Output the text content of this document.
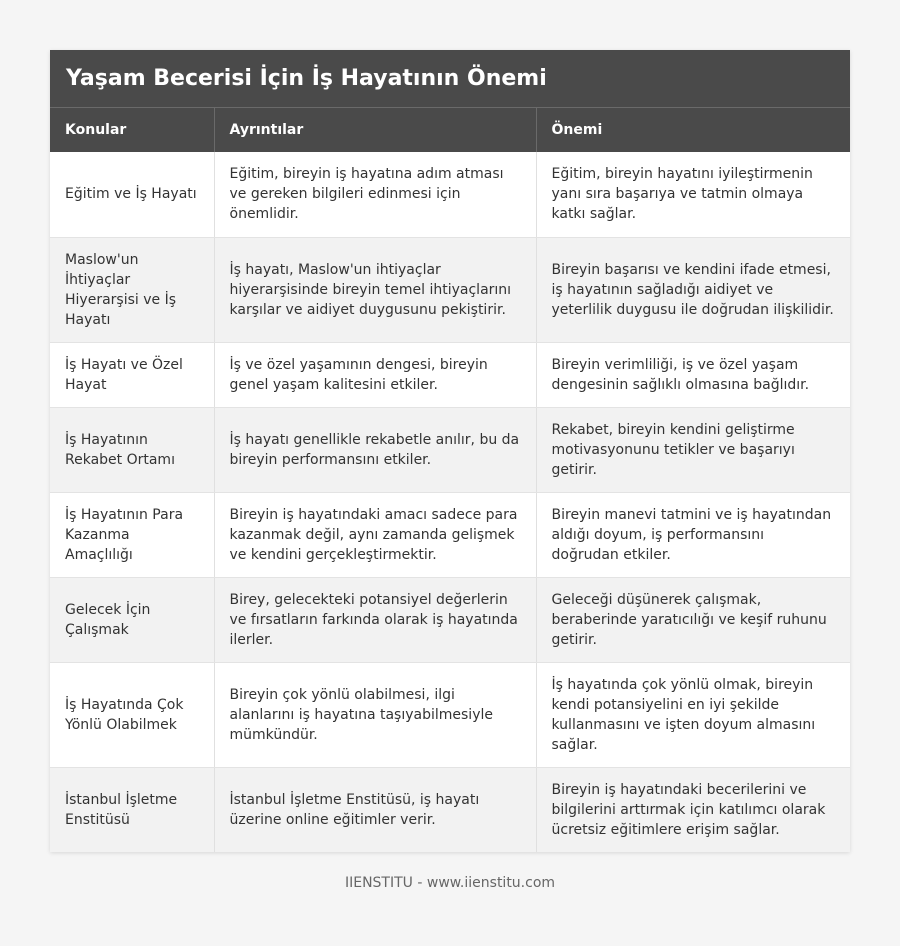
Yaşam Becerisi İçin İş Hayatının Önemi
Konular	Ayrıntılar	Önemi
Eğitim ve İş Hayatı	Eğitim, bireyin iş hayatına adım atması ve gereken bilgileri edinmesi için önemlidir.	Eğitim, bireyin hayatını iyileştirmenin yanı sıra başarıya ve tatmin olmaya katkı sağlar.
Maslow'un İhtiyaçlar Hiyerarşisi ve İş Hayatı	İş hayatı, Maslow'un ihtiyaçlar hiyerarşisinde bireyin temel ihtiyaçlarını karşılar ve aidiyet duygusunu pekiştirir.	Bireyin başarısı ve kendini ifade etmesi, iş hayatının sağladığı aidiyet ve yeterlilik duygusu ile doğrudan ilişkilidir.
İş Hayatı ve Özel Hayat	İş ve özel yaşamının dengesi, bireyin genel yaşam kalitesini etkiler.	Bireyin verimliliği, iş ve özel yaşam dengesinin sağlıklı olmasına bağlıdır.
İş Hayatının Rekabet Ortamı	İş hayatı genellikle rekabetle anılır, bu da bireyin performansını etkiler.	Rekabet, bireyin kendini geliştirme motivasyonunu tetikler ve başarıyı getirir.
İş Hayatının Para Kazanma Amaçlılığı	Bireyin iş hayatındaki amacı sadece para kazanmak değil, aynı zamanda gelişmek ve kendini gerçekleştirmektir.	Bireyin manevi tatmini ve iş hayatından aldığı doyum, iş performansını doğrudan etkiler.
Gelecek İçin Çalışmak	Birey, gelecekteki potansiyel değerlerin ve fırsatların farkında olarak iş hayatında ilerler.	Geleceği düşünerek çalışmak, beraberinde yaratıcılığı ve keşif ruhunu getirir.
İş Hayatında Çok Yönlü Olabilmek	Bireyin çok yönlü olabilmesi, ilgi alanlarını iş hayatına taşıyabilmesiyle mümkündür.	İş hayatında çok yönlü olmak, bireyin kendi potansiyelini en iyi şekilde kullanmasını ve işten doyum almasını sağlar.
İstanbul İşletme Enstitüsü	İstanbul İşletme Enstitüsü, iş hayatı üzerine online eğitimler verir.	Bireyin iş hayatındaki becerilerini ve bilgilerini arttırmak için katılımcı olarak ücretsiz eğitimlere erişim sağlar.
IIENSTITU - www.iienstitu.com
